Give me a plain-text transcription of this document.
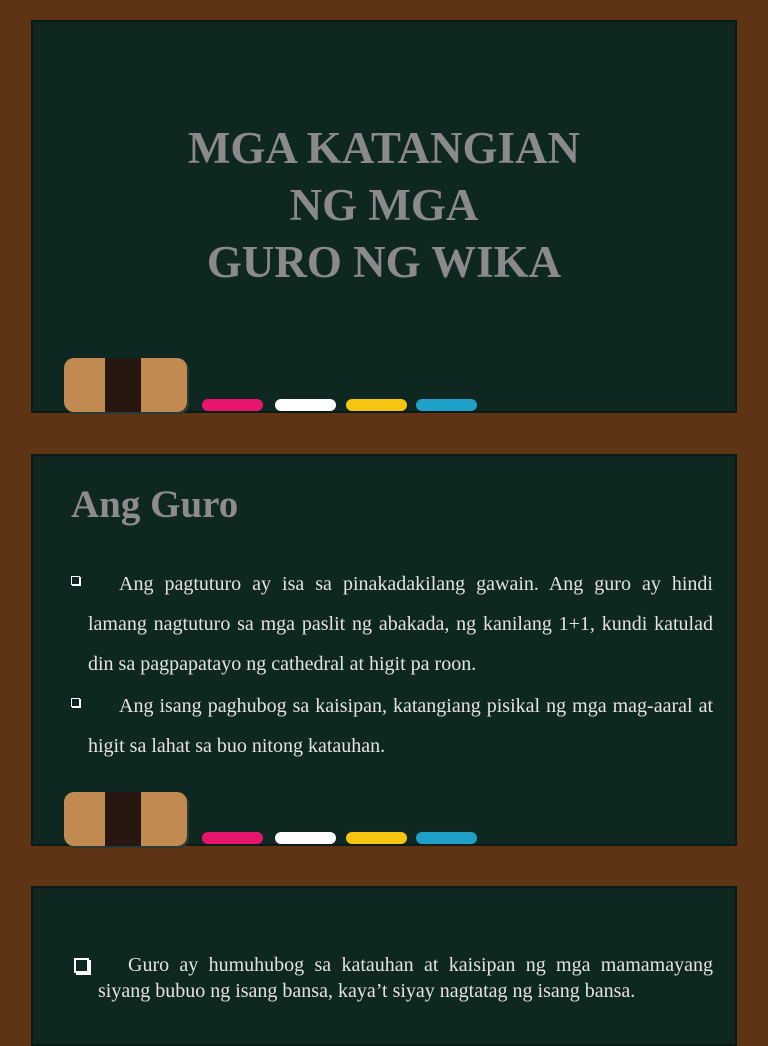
MGA KATANGIAN
NG MGA
GURO NG WIKA
Ang Guro
Ang pagtuturo ay isa sa pinakadakilang gawain. Ang guro ay hindi lamang nagtuturo sa mga paslit ng abakada, ng kanilang 1+1, kundi katulad din sa pagpapatayo ng cathedral at higit pa roon.
Ang isang paghubog sa kaisipan, katangiang pisikal ng mga mag-aaral at higit sa lahat sa buo nitong katauhan.
Guro ay humuhubog sa katauhan at kaisipan ng mga mamamayang siyang bubuo ng isang bansa, kaya’t siyay nagtatag ng isang bansa.
